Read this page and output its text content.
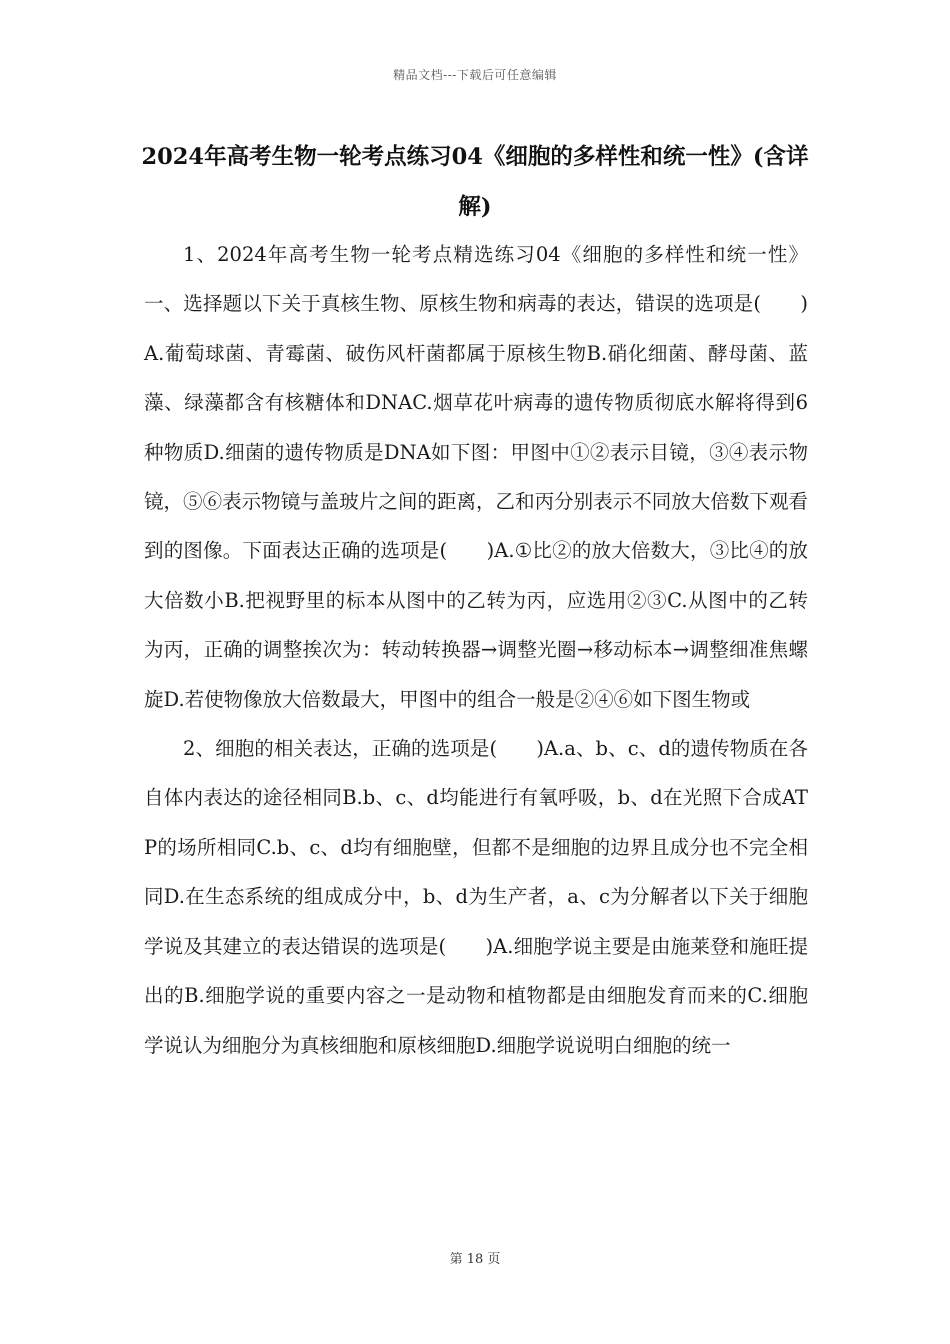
精品文档---下载后可任意编辑
2024年高考生物一轮考点练习04《细胞的多样性和统一性》(含详解)

1、2024年高考生物一轮考点精选练习04《细胞的多样性和统一性》一、选择题以下关于真核生物、原核生物和病毒的表达，错误的选项是(　　)A.葡萄球菌、青霉菌、破伤风杆菌都属于原核生物B.硝化细菌、酵母菌、蓝藻、绿藻都含有核糖体和DNAC.烟草花叶病毒的遗传物质彻底水解将得到6种物质D.细菌的遗传物质是DNA如下图：甲图中①②表示目镜，③④表示物镜，⑤⑥表示物镜与盖玻片之间的距离，乙和丙分别表示不同放大倍数下观看到的图像。下面表达正确的选项是(　　)A.①比②的放大倍数大，③比④的放大倍数小B.把视野里的标本从图中的乙转为丙，应选用②③C.从图中的乙转为丙，正确的调整挨次为：转动转换器→调整光圈→移动标本→调整细准焦螺旋D.若使物像放大倍数最大，甲图中的组合一般是②④⑥如下图生物或

2、细胞的相关表达，正确的选项是(　　)A.a、b、c、d的遗传物质在各自体内表达的途径相同B.b、c、d均能进行有氧呼吸，b、d在光照下合成ATP的场所相同C.b、c、d均有细胞壁，但都不是细胞的边界且成分也不完全相同D.在生态系统的组成成分中，b、d为生产者，a、c为分解者以下关于细胞学说及其建立的表达错误的选项是(　　)A.细胞学说主要是由施莱登和施旺提出的B.细胞学说的重要内容之一是动物和植物都是由细胞发育而来的C.细胞学说认为细胞分为真核细胞和原核细胞D.细胞学说说明白细胞的统一

第 18 页
